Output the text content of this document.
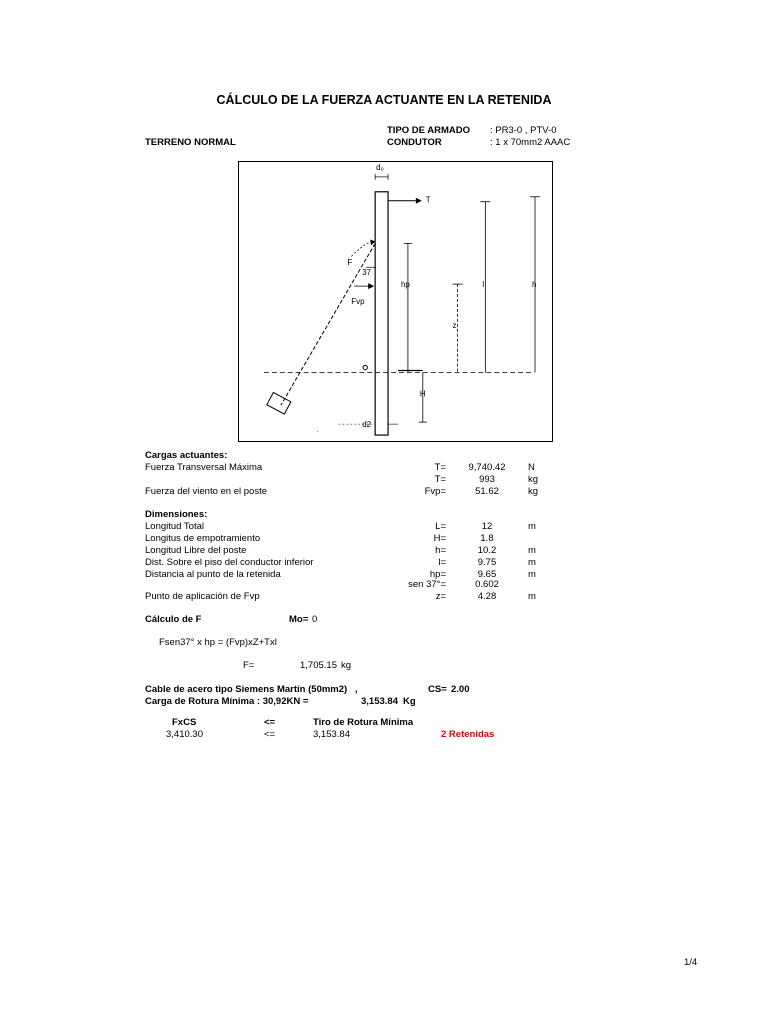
CÁLCULO DE LA FUERZA ACTUANTE EN LA RETENIDA
TIPO DE ARMADO : PR3-0 , PTV-0
TERRENO NORMAL	CONDUTOR	: 1 x 70mm2 AAAC
d₀
T
F
37
Fvp
hp
z
l	h
H
d2
.
Cargas actuantes:
Fuerza Transversal Máxima	T=	9,740.42	N
T=	993	kg
Fuerza del viento en el poste	Fvp=	51.62	kg
Dimensiones:
Longitud Total	L=	12	m
Longitus de empotramiento	H=	1.8
Longitud Libre del poste	h=	10.2	m
Dist. Sobre el piso del conductor inferior	l=	9.75	m
Distancia al punto de la retenida	hp=	9.65	m
sen 37°=	0.602
Punto de aplicación de Fvp	z=	4.28	m
Cálculo de F	Mo= 0
Fsen37° x hp = (Fvp)xZ+Txl
F=	1,705.15 kg
Cable de acero tipo Siemens Martín (50mm2) ,	CS= 2.00
Carga de Rotura Mínima : 30,92KN =	3,153.84 Kg
FxCS	<=	Tiro de Rotura Mínima
3,410.30	<=	3,153.84	2 Retenidas
1/4
